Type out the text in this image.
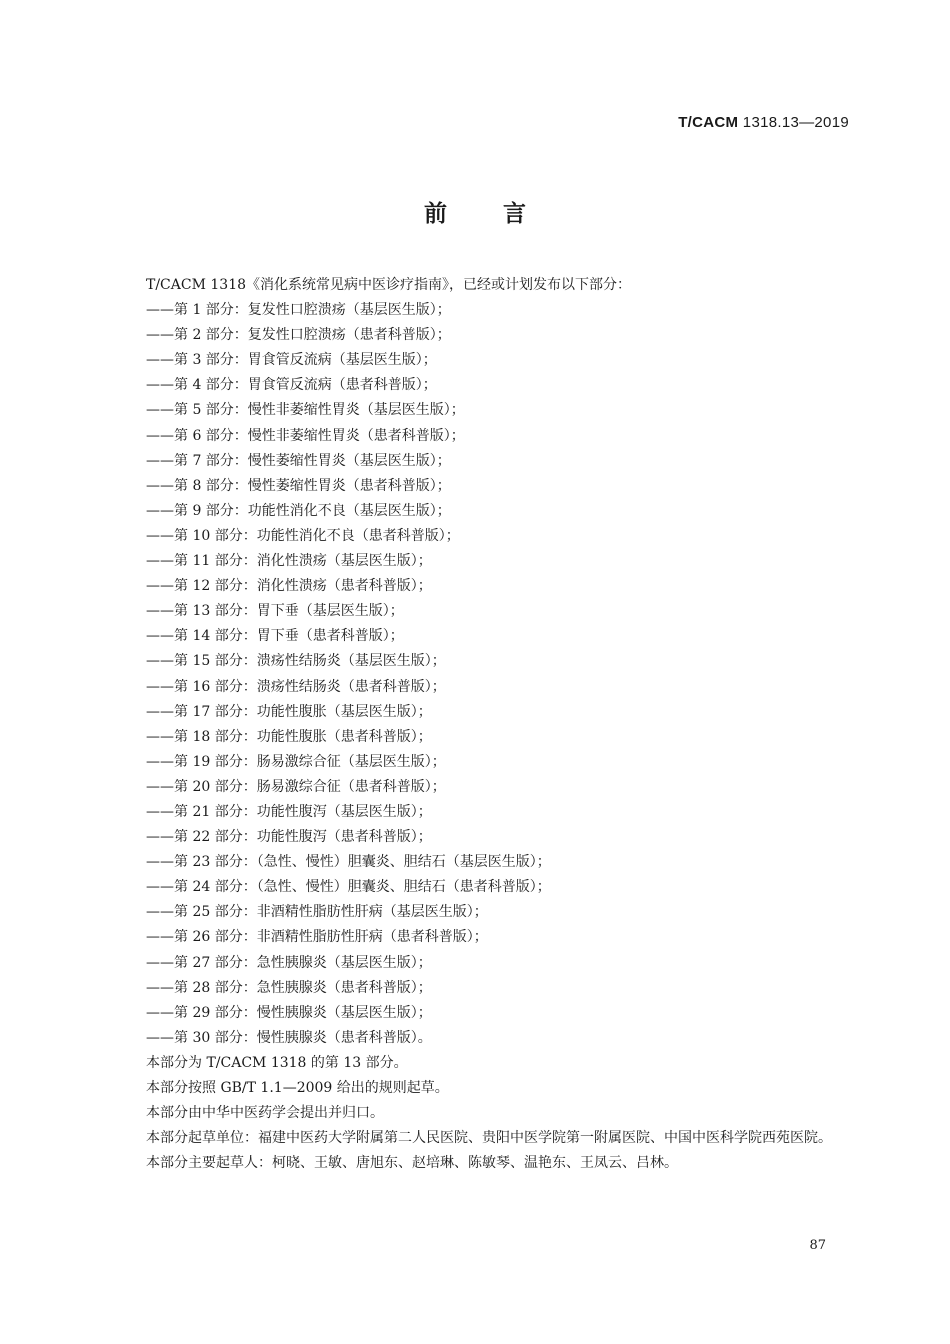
T/CACM 1318.13—2019
前言

T/CACM 1318《消化系统常见病中医诊疗指南》，已经或计划发布以下部分：

——第 1 部分：复发性口腔溃疡（基层医生版）；

——第 2 部分：复发性口腔溃疡（患者科普版）；

——第 3 部分：胃食管反流病（基层医生版）；

——第 4 部分：胃食管反流病（患者科普版）；

——第 5 部分：慢性非萎缩性胃炎（基层医生版）；

——第 6 部分：慢性非萎缩性胃炎（患者科普版）；

——第 7 部分：慢性萎缩性胃炎（基层医生版）；

——第 8 部分：慢性萎缩性胃炎（患者科普版）；

——第 9 部分：功能性消化不良（基层医生版）；

——第 10 部分：功能性消化不良（患者科普版）；

——第 11 部分：消化性溃疡（基层医生版）；

——第 12 部分：消化性溃疡（患者科普版）；

——第 13 部分：胃下垂（基层医生版）；

——第 14 部分：胃下垂（患者科普版）；

——第 15 部分：溃疡性结肠炎（基层医生版）；

——第 16 部分：溃疡性结肠炎（患者科普版）；

——第 17 部分：功能性腹胀（基层医生版）；

——第 18 部分：功能性腹胀（患者科普版）；

——第 19 部分：肠易激综合征（基层医生版）；

——第 20 部分：肠易激综合征（患者科普版）；

——第 21 部分：功能性腹泻（基层医生版）；

——第 22 部分：功能性腹泻（患者科普版）；

——第 23 部分：（急性、慢性）胆囊炎、胆结石（基层医生版）；

——第 24 部分：（急性、慢性）胆囊炎、胆结石（患者科普版）；

——第 25 部分：非酒精性脂肪性肝病（基层医生版）；

——第 26 部分：非酒精性脂肪性肝病（患者科普版）；

——第 27 部分：急性胰腺炎（基层医生版）；

——第 28 部分：急性胰腺炎（患者科普版）；

——第 29 部分：慢性胰腺炎（基层医生版）；

——第 30 部分：慢性胰腺炎（患者科普版）。

本部分为 T/CACM 1318 的第 13 部分。

本部分按照 GB/T 1.1—2009 给出的规则起草。

本部分由中华中医药学会提出并归口。

本部分起草单位：福建中医药大学附属第二人民医院、贵阳中医学院第一附属医院、中国中医科学院西苑医院。

本部分主要起草人：柯晓、王敏、唐旭东、赵培琳、陈敏琴、温艳东、王凤云、吕林。

87
